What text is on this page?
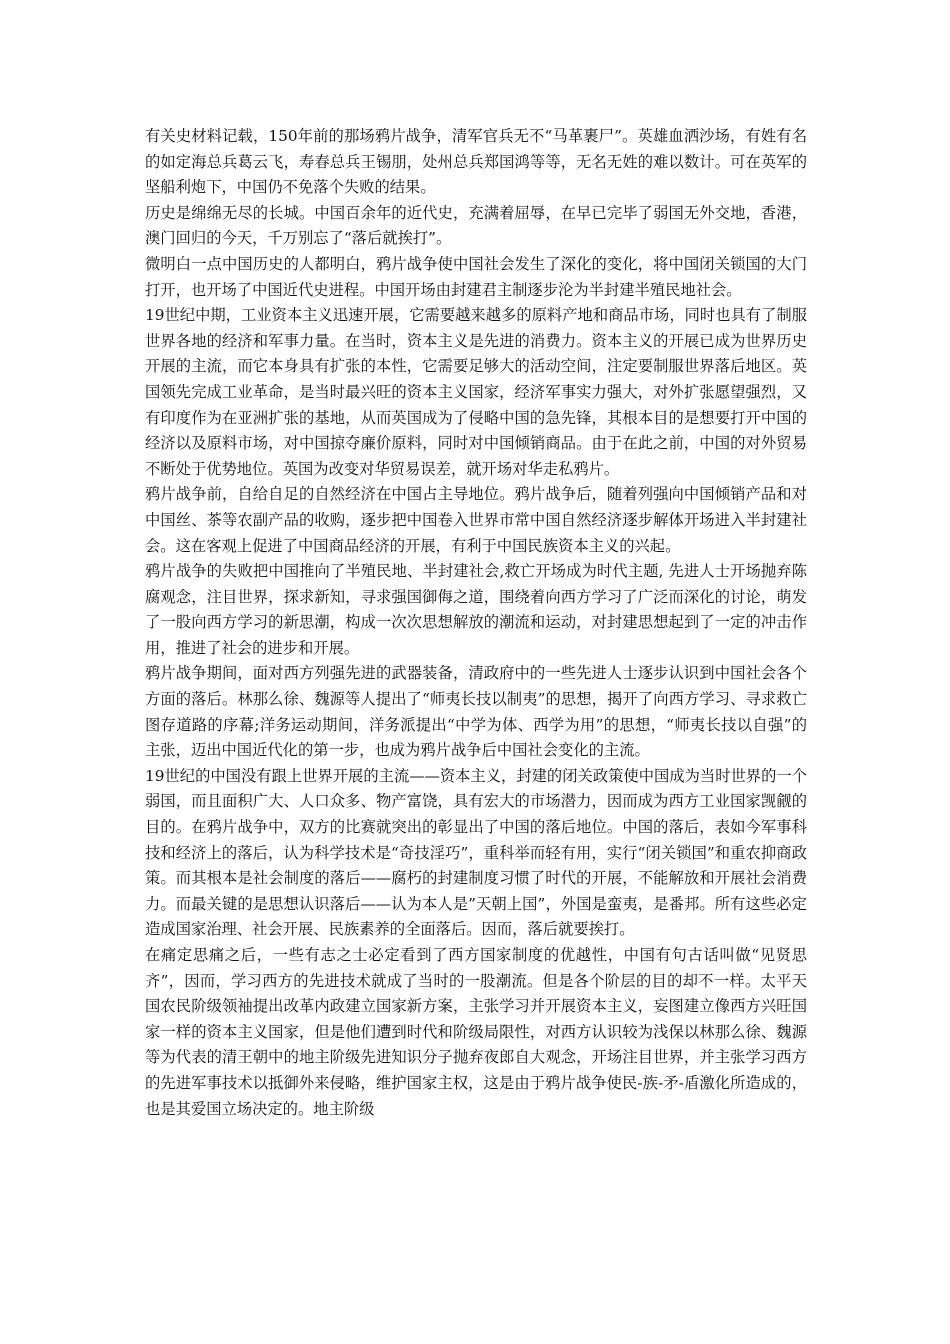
有关史材料记载，150年前的那场鸦片战争，清军官兵无不“马革裹尸”。英雄血洒沙场，有姓有名的如定海总兵葛云飞，寿春总兵王锡朋，处州总兵郑国鸿等等，无名无姓的难以数计。可在英军的坚船利炮下，中国仍不免落个失败的结果。

历史是绵绵无尽的长城。中国百余年的近代史，充满着屈辱，在早已完毕了弱国无外交地，香港，澳门回归的今天，千万别忘了“落后就挨打”。

微明白一点中国历史的人都明白，鸦片战争使中国社会发生了深化的变化，将中国闭关锁国的大门打开，也开场了中国近代史进程。中国开场由封建君主制逐步沦为半封建半殖民地社会。

19世纪中期，工业资本主义迅速开展，它需要越来越多的原料产地和商品市场，同时也具有了制服世界各地的经济和军事力量。在当时，资本主义是先进的消费力。资本主义的开展已成为世界历史开展的主流，而它本身具有扩张的本性，它需要足够大的活动空间，注定要制服世界落后地区。英国领先完成工业革命，是当时最兴旺的资本主义国家，经济军事实力强大，对外扩张愿望强烈，又有印度作为在亚洲扩张的基地，从而英国成为了侵略中国的急先锋，其根本目的是想要打开中国的经济以及原料市场，对中国掠夺廉价原料，同时对中国倾销商品。由于在此之前，中国的对外贸易不断处于优势地位。英国为改变对华贸易误差，就开场对华走私鸦片。

鸦片战争前，自给自足的自然经济在中国占主导地位。鸦片战争后，随着列强向中国倾销产品和对中国丝、茶等农副产品的收购，逐步把中国卷入世界市常中国自然经济逐步解体开场进入半封建社会。这在客观上促进了中国商品经济的开展，有利于中国民族资本主义的兴起。

鸦片战争的失败把中国推向了半殖民地、半封建社会,救亡开场成为时代主题, 先进人士开场抛弃陈腐观念，注目世界，探求新知，寻求强国御侮之道，围绕着向西方学习了广泛而深化的讨论，萌发了一股向西方学习的新思潮，构成一次次思想解放的潮流和运动，对封建思想起到了一定的冲击作用，推进了社会的进步和开展。

鸦片战争期间，面对西方列强先进的武器装备，清政府中的一些先进人士逐步认识到中国社会各个方面的落后。林那么徐、魏源等人提出了“师夷长技以制夷”的思想，揭开了向西方学习、寻求救亡图存道路的序幕;洋务运动期间，洋务派提出“中学为体、西学为用”的思想，“师夷长技以自强”的主张，迈出中国近代化的第一步，也成为鸦片战争后中国社会变化的主流。

19世纪的中国没有跟上世界开展的主流——资本主义，封建的闭关政策使中国成为当时世界的一个弱国，而且面积广大、人口众多、物产富饶，具有宏大的市场潜力，因而成为西方工业国家觊觎的目的。在鸦片战争中，双方的比赛就突出的彰显出了中国的落后地位。中国的落后，表如今军事科技和经济上的落后，认为科学技术是“奇技淫巧”，重科举而轻有用，实行“闭关锁国”和重农抑商政策。而其根本是社会制度的落后——腐朽的封建制度习惯了时代的开展，不能解放和开展社会消费力。而最关键的是思想认识落后——认为本人是”天朝上国”，外国是蛮夷，是番邦。所有这些必定造成国家治理、社会开展、民族素养的全面落后。因而，落后就要挨打。

在痛定思痛之后，一些有志之士必定看到了西方国家制度的优越性，中国有句古话叫做“见贤思齐”，因而，学习西方的先进技术就成了当时的一股潮流。但是各个阶层的目的却不一样。太平天国农民阶级领袖提出改革内政建立国家新方案，主张学习并开展资本主义，妄图建立像西方兴旺国家一样的资本主义国家，但是他们遭到时代和阶级局限性，对西方认识较为浅保以林那么徐、魏源等为代表的清王朝中的地主阶级先进知识分子抛弃夜郎自大观念，开场注目世界，并主张学习西方的先进军事技术以抵御外来侵略，维护国家主权，这是由于鸦片战争使民-族-矛-盾激化所造成的，也是其爱国立场决定的。地主阶级
